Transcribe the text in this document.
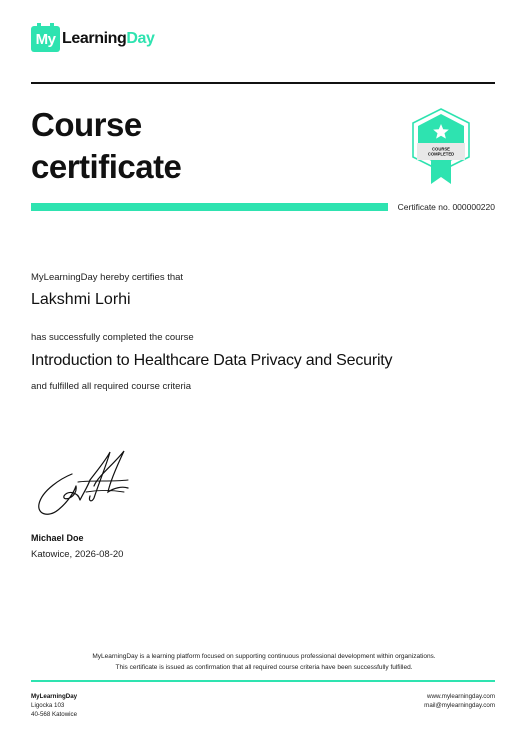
My LearningDay
Course
certificate	COURSE
COMPLETED
Certificate no. 000000220
MyLearningDay hereby certifies that
Lakshmi Lorhi
has successfully completed the course
Introduction to Healthcare Data Privacy and Security
and fulfilled all required course criteria
Michael Doe
Katowice, 2026-08-20
MyLearningDay is a learning platform focused on supporting continuous professional development within organizations.
This certificate is issued as confirmation that all required course criteria have been successfully fulfilled.
MyLearningDay
Ligocka 103
40-568 Katowice
www.mylearningday.com
mail@mylearningday.com
